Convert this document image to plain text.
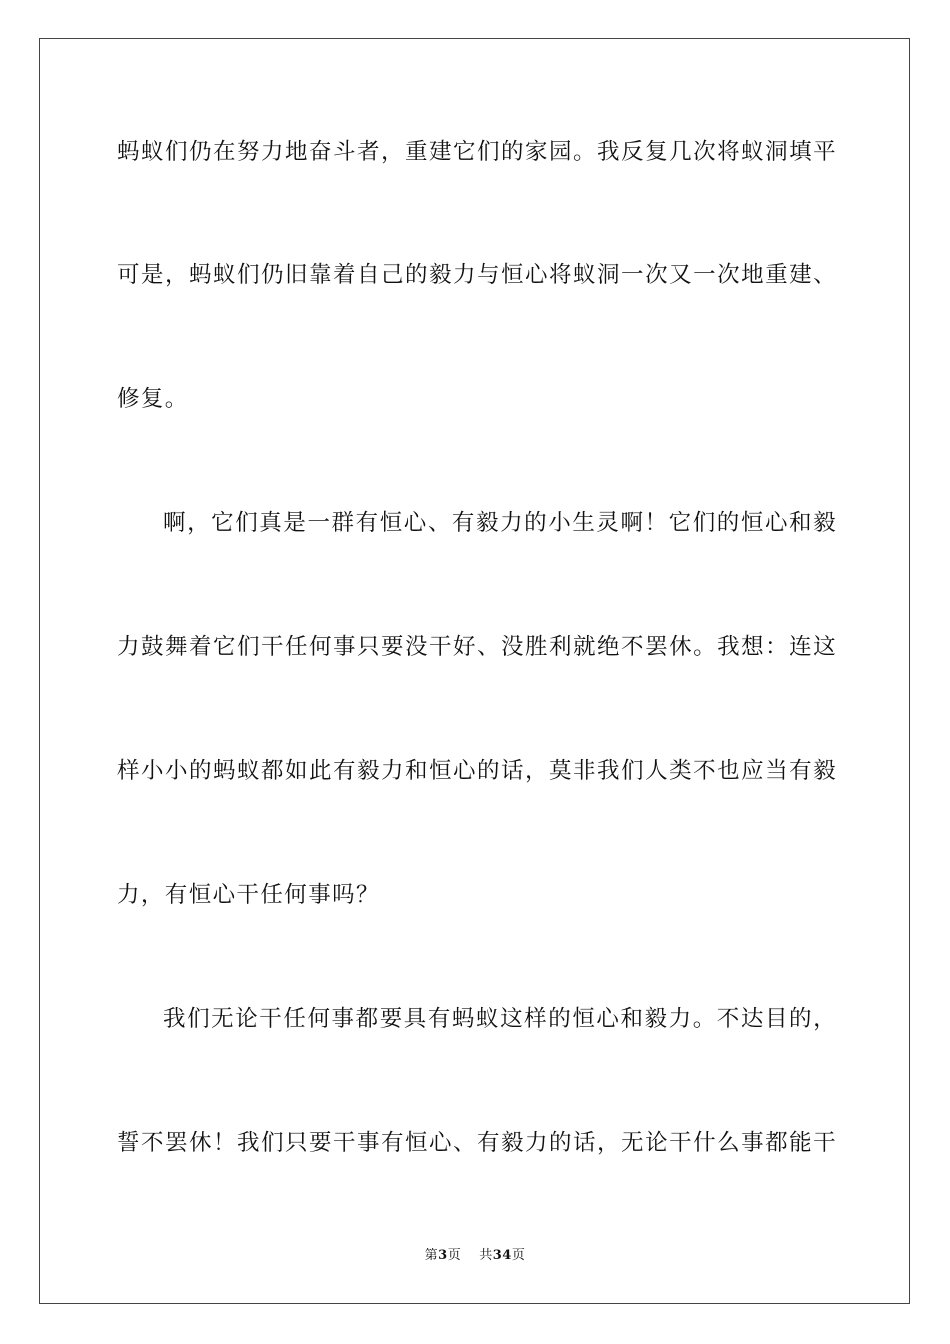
蚂蚁们仍在努力地奋斗者，重建它们的家园。我反复几次将蚁洞填平
可是，蚂蚁们仍旧靠着自己的毅力与恒心将蚁洞一次又一次地重建、
修复。
啊，它们真是一群有恒心、有毅力的小生灵啊！它们的恒心和毅
力鼓舞着它们干任何事只要没干好、没胜利就绝不罢休。我想：连这
样小小的蚂蚁都如此有毅力和恒心的话，莫非我们人类不也应当有毅
力，有恒心干任何事吗？
我们无论干任何事都要具有蚂蚁这样的恒心和毅力。不达目的，
誓不罢休！我们只要干事有恒心、有毅力的话，无论干什么事都能干
第3页 共34页
